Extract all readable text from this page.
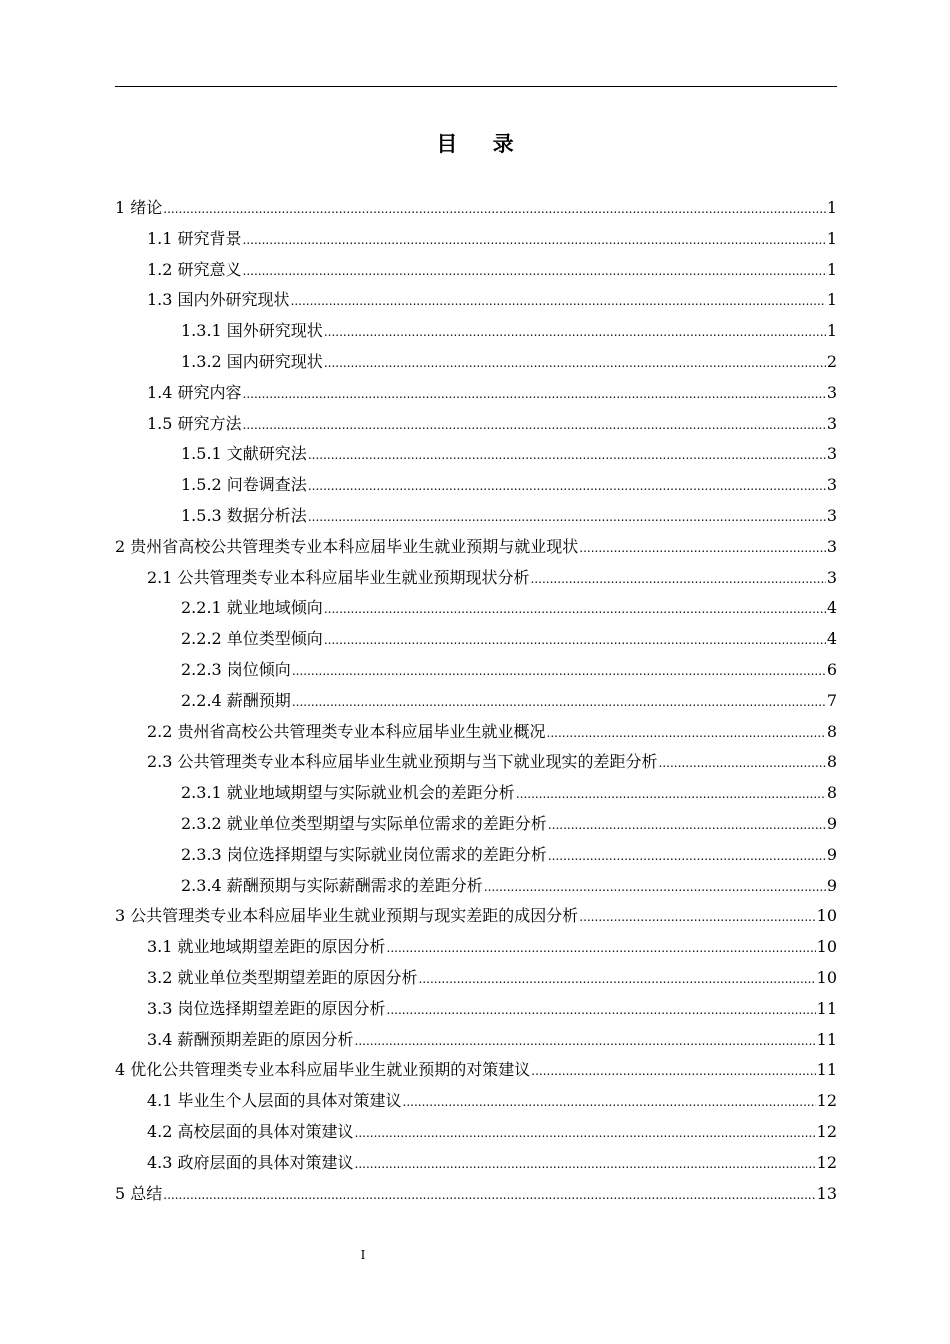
目 录
1 绪论 .....	1
1.1 研究背景 .....	1
1.2 研究意义 .....	1
1.3 国内外研究现状 .....	1
1.3.1 国外研究现状 .....	1
1.3.2 国内研究现状 .....	2
1.4 研究内容 .....	3
1.5 研究方法 .....	3
1.5.1 文献研究法 .....	3
1.5.2 问卷调查法 .....	3
1.5.3 数据分析法 .....	3
2 贵州省高校公共管理类专业本科应届毕业生就业预期与就业现状 .....	3
2.1 公共管理类专业本科应届毕业生就业预期现状分析 .....	3
2.2.1 就业地域倾向 .....	4
2.2.2 单位类型倾向 .....	4
2.2.3 岗位倾向 .....	6
2.2.4 薪酬预期 .....	7
2.2 贵州省高校公共管理类专业本科应届毕业生就业概况 .....	8
2.3 公共管理类专业本科应届毕业生就业预期与当下就业现实的差距分析 .....	8
2.3.1 就业地域期望与实际就业机会的差距分析 .....	8
2.3.2 就业单位类型期望与实际单位需求的差距分析 .....	9
2.3.3 岗位选择期望与实际就业岗位需求的差距分析 .....	9
2.3.4 薪酬预期与实际薪酬需求的差距分析 .....	9
3 公共管理类专业本科应届毕业生就业预期与现实差距的成因分析 .....	10
3.1 就业地域期望差距的原因分析 .....	10
3.2 就业单位类型期望差距的原因分析 .....	10
3.3 岗位选择期望差距的原因分析 .....	11
3.4 薪酬预期差距的原因分析 .....	11
4 优化公共管理类专业本科应届毕业生就业预期的对策建议 .....	11
4.1 毕业生个人层面的具体对策建议 .....	12
4.2 高校层面的具体对策建议 .....	12
4.3 政府层面的具体对策建议 .....	12
5 总结 .....	13
I
